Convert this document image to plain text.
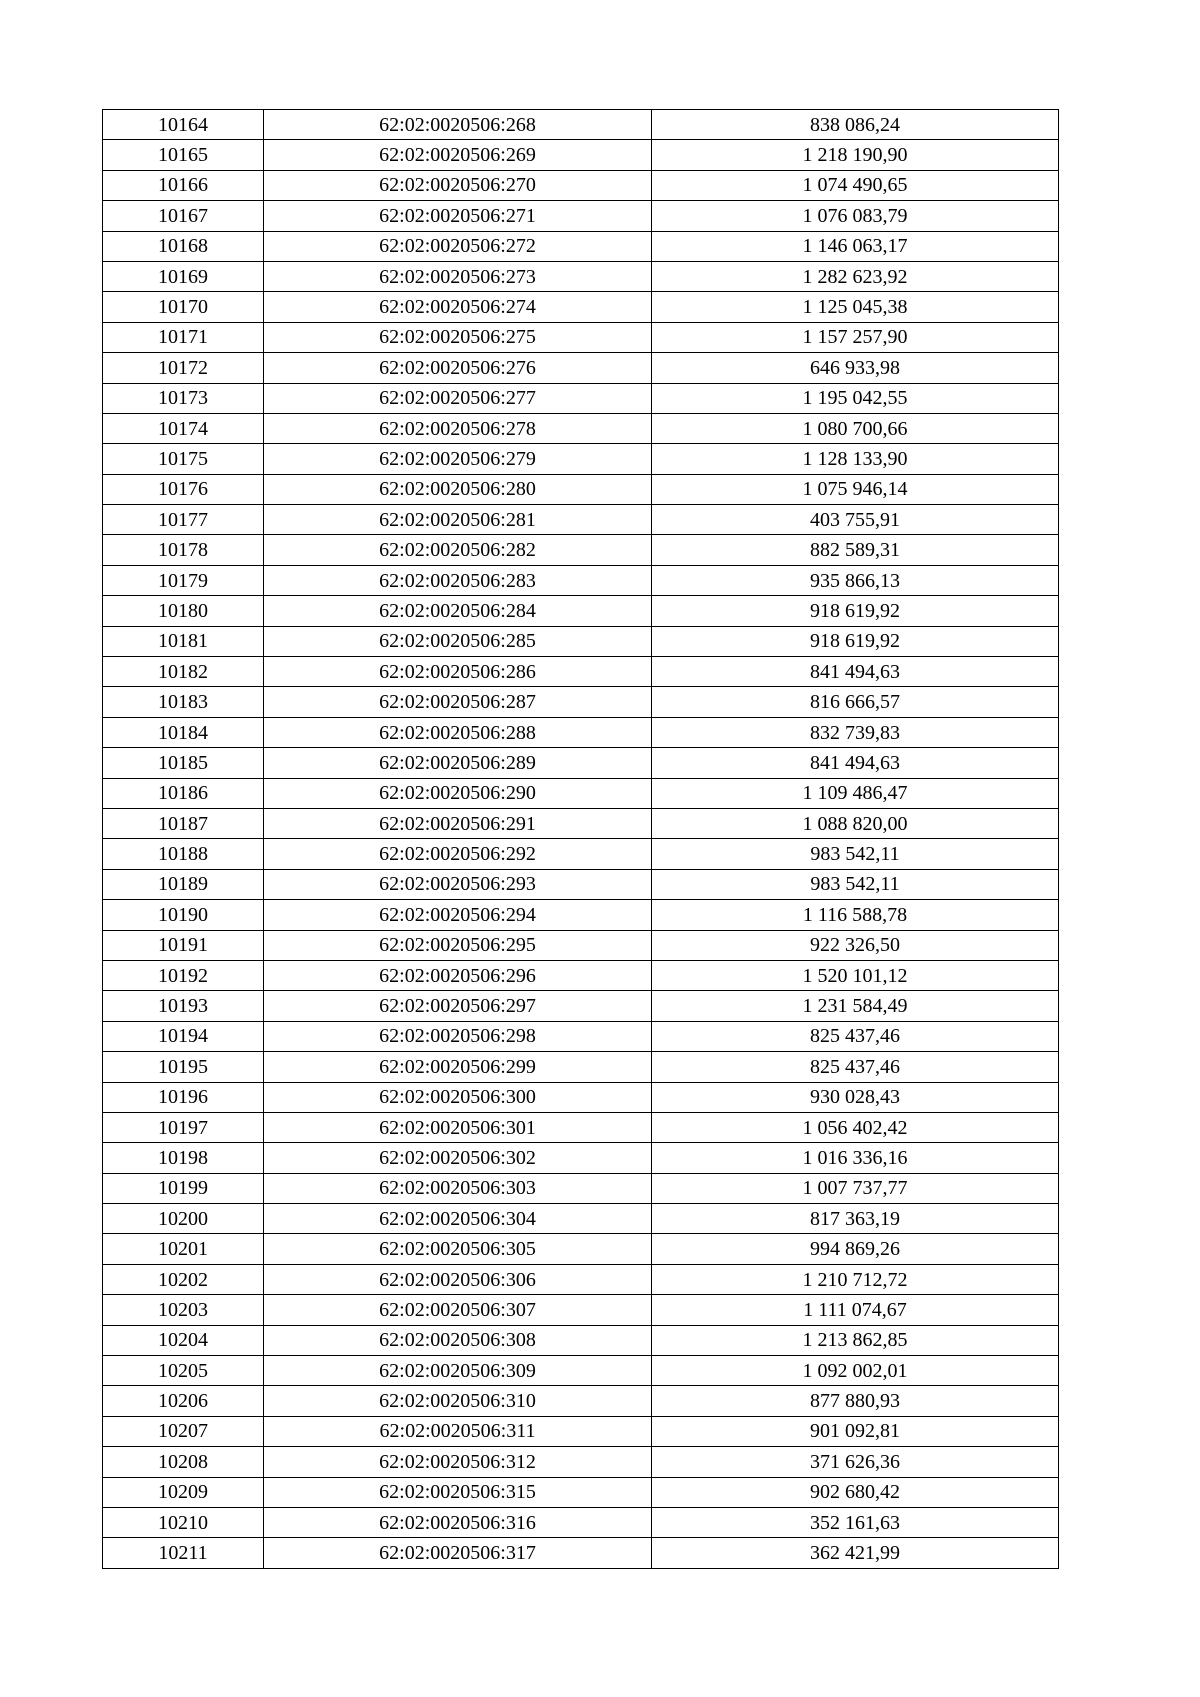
10164	62:02:0020506:268	838 086,24
10165	62:02:0020506:269	1 218 190,90
10166	62:02:0020506:270	1 074 490,65
10167	62:02:0020506:271	1 076 083,79
10168	62:02:0020506:272	1 146 063,17
10169	62:02:0020506:273	1 282 623,92
10170	62:02:0020506:274	1 125 045,38
10171	62:02:0020506:275	1 157 257,90
10172	62:02:0020506:276	646 933,98
10173	62:02:0020506:277	1 195 042,55
10174	62:02:0020506:278	1 080 700,66
10175	62:02:0020506:279	1 128 133,90
10176	62:02:0020506:280	1 075 946,14
10177	62:02:0020506:281	403 755,91
10178	62:02:0020506:282	882 589,31
10179	62:02:0020506:283	935 866,13
10180	62:02:0020506:284	918 619,92
10181	62:02:0020506:285	918 619,92
10182	62:02:0020506:286	841 494,63
10183	62:02:0020506:287	816 666,57
10184	62:02:0020506:288	832 739,83
10185	62:02:0020506:289	841 494,63
10186	62:02:0020506:290	1 109 486,47
10187	62:02:0020506:291	1 088 820,00
10188	62:02:0020506:292	983 542,11
10189	62:02:0020506:293	983 542,11
10190	62:02:0020506:294	1 116 588,78
10191	62:02:0020506:295	922 326,50
10192	62:02:0020506:296	1 520 101,12
10193	62:02:0020506:297	1 231 584,49
10194	62:02:0020506:298	825 437,46
10195	62:02:0020506:299	825 437,46
10196	62:02:0020506:300	930 028,43
10197	62:02:0020506:301	1 056 402,42
10198	62:02:0020506:302	1 016 336,16
10199	62:02:0020506:303	1 007 737,77
10200	62:02:0020506:304	817 363,19
10201	62:02:0020506:305	994 869,26
10202	62:02:0020506:306	1 210 712,72
10203	62:02:0020506:307	1 111 074,67
10204	62:02:0020506:308	1 213 862,85
10205	62:02:0020506:309	1 092 002,01
10206	62:02:0020506:310	877 880,93
10207	62:02:0020506:311	901 092,81
10208	62:02:0020506:312	371 626,36
10209	62:02:0020506:315	902 680,42
10210	62:02:0020506:316	352 161,63
10211	62:02:0020506:317	362 421,99
